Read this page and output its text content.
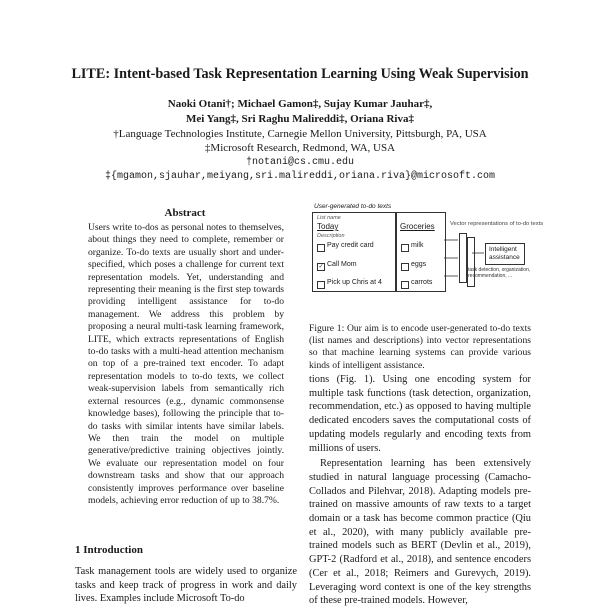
LITE: Intent-based Task Representation Learning Using Weak Supervision
Naoki Otani†; Michael Gamon‡, Sujay Kumar Jauhar‡,
Mei Yang‡, Sri Raghu Malireddi‡, Oriana Riva‡
†Language Technologies Institute, Carnegie Mellon University, Pittsburgh, PA, USA
‡Microsoft Research, Redmond, WA, USA
†notani@cs.cmu.edu
‡{mgamon,sjauhar,meiyang,sri.malireddi,oriana.riva}@microsoft.com
Abstract
Users write to-dos as personal notes to themselves, about things they need to complete, remember or organize. To-do texts are usually short and under-specified, which poses a challenge for current text representation models. Yet, understanding and representing their meaning is the first step towards providing intelligent assistance for to-do management. We address this problem by proposing a neural multi-task learning framework, LITE, which extracts representations of English to-do tasks with a multi-head attention mechanism on top of a pre-trained text encoder. To adapt representation models to to-do texts, we collect weak-supervision labels from semantically rich external resources (e.g., dynamic commonsense knowledge bases), following the principle that to-do tasks with similar intents have similar labels. We then train the model on multiple generative/predictive training objectives jointly. We evaluate our representation model on four downstream tasks and show that our approach consistently improves performance over baseline models, achieving error reduction of up to 38.7%.
1 Introduction
Task management tools are widely used to organize tasks and keep track of progress in work and daily lives. Examples include Microsoft To-do
User-generated to-do texts
List name
Today
Description
Pay credit card
✓ Call Mom
Pick up Chris at 4
Groceries
milk
eggs
carrots
Vector representations of to-do texts
Intelligent assistance
task detection, organization, recommendation, ...
Figure 1: Our aim is to encode user-generated to-do texts (list names and descriptions) into vector representations so that machine learning systems can provide various kinds of intelligent assistance.

tions (Fig. 1). Using one encoding system for multiple task functions (task detection, organization, recommendation, etc.) as opposed to having multiple dedicated encoders saves the computational costs of updating models regularly and encoding texts from millions of users.

Representation learning has been extensively studied in natural language processing (Camacho-Collados and Pilehvar, 2018). Adapting models pre-trained on massive amounts of raw texts to a target domain or a task has become common practice (Qiu et al., 2020), with many publicly available pre-trained models such as BERT (Devlin et al., 2019), GPT-2 (Radford et al., 2018), and sentence encoders (Cer et al., 2018; Reimers and Gurevych, 2019). Leveraging word context is one of the key strengths of these pre-trained models. However,
